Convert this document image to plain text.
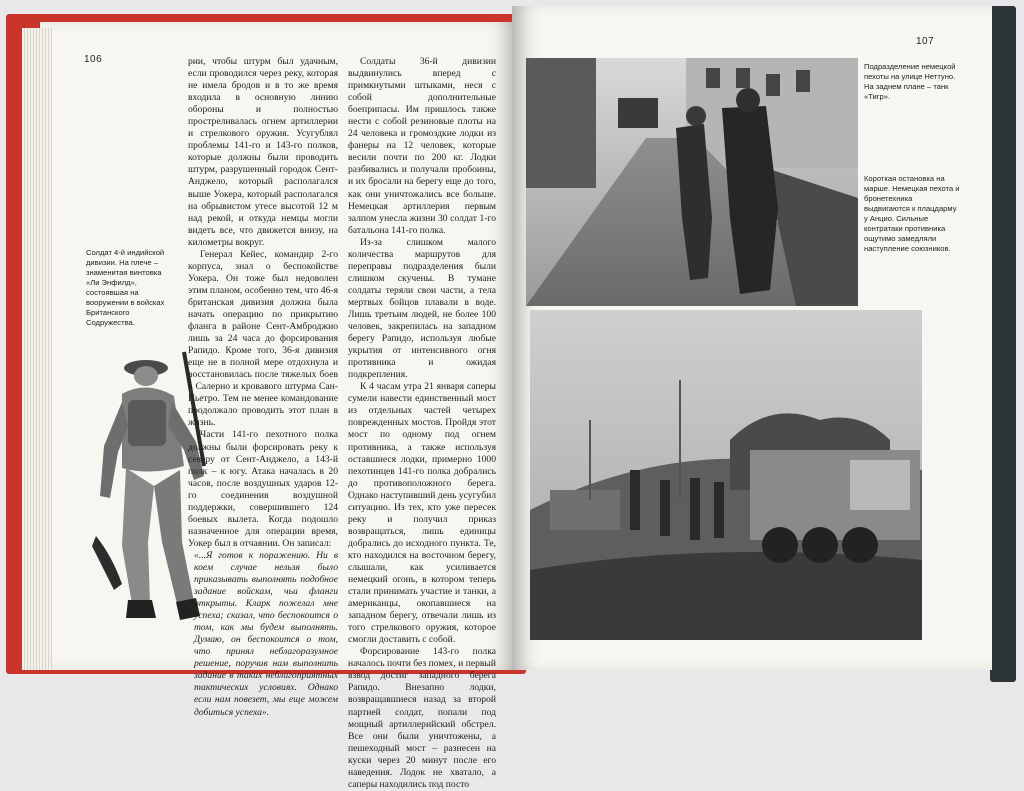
106
Солдат 4-й индийской дивизии. На плече – знаменитая винтовка «Ли Энфилд», состоявшая на вооружении в войсках Британского Содружества.

рии, чтобы штурм был удачным, если проводился через реку, которая не имела бродов и в то же время входила в основную линию обороны и полностью простреливалась огнем артиллерии и стрелкового оружия. Усугублял проблемы 141-го и 143-го полков, которые должны были проводить штурм, разрушенный городок Сент-Анджело, который располагался выше Уокера, который располагался на обрывистом утесе высотой 12 м над рекой, и откуда немцы могли видеть все, что движется внизу, на километры вокруг.

Генерал Кейес, командир 2-го корпуса, знал о беспокойстве Уокера. Он тоже был недоволен этим планом, особенно тем, что 46-я британская дивизия должна была начать операцию по прикрытию фланга в районе Сент-Амброджио лишь за 24 часа до форсирования Рапидо. Кроме того, 36-я дивизия еще не в полной мере отдохнула и восстановилась после тяжелых боев в Салерно и кровавого штурма Сан-Пьетро. Тем не менее командование продолжало проводить этот план в жизнь.

Части 141-го пехотного полка должны были форсировать реку к северу от Сент-Анджело, а 143-й полк – к югу. Атака началась в 20 часов, после воздушных ударов 12-го соединения воздушной поддержки, совершившего 124 боевых вылета. Когда подошло назначенное для операции время, Уокер был в отчаянии. Он записал:

«...Я готов к поражению. Ни в коем случае нельзя было приказывать выполнять подобное задание войскам, чьи фланги открыты. Кларк пожелал мне успеха; сказал, что беспокоится о том, как мы будем выполнять. Думаю, он беспокоится о том, что принял неблагоразумное решение, поручив нам выполнить задание в таких неблагоприятных тактических условиях. Однако если нам повезет, мы еще можем добиться успеха».

Солдаты 36-й дивизии выдвинулись вперед с примкнутыми штыками, неся с собой дополнительные боеприпасы. Им пришлось также нести с собой резиновые плоты на 24 человека и громоздкие лодки из фанеры на 12 человек, которые весили почти по 200 кг. Лодки разбивались и получали пробоины, и их бросали на берегу еще до того, как они уничтожались все больше. Немецкая артиллерия первым залпом унесла жизни 30 солдат 1-го батальона 141-го полка.

Из-за слишком малого количества маршрутов для переправы подразделения были слишком скучены. В тумане солдаты теряли свои части, а тела мертвых бойцов плавали в воде. Лишь третьим людей, не более 100 человек, закрепилась на западном берегу Рапидо, используя любые укрытия от интенсивного огня противника и ожидая подкрепления.

К 4 часам утра 21 января саперы сумели навести единственный мост из отдельных частей четырех поврежденных мостов. Пройдя этот мост по одному под огнем противника, а также используя оставшиеся лодки, примерно 1000 пехотинцев 141-го полка добрались до противоположного берега. Однако наступивший день усугубил ситуацию. Из тех, кто уже пересек реку и получил приказ возвращаться, лишь единицы добрались до исходного пункта. Те, кто находился на восточном берегу, слышали, как усиливается немецкий огонь, в котором теперь стали принимать участие и танки, а американцы, окопавшиеся на западном берегу, отвечали лишь из того стрелкового оружия, которое смогли доставить с собой.

Форсирование 143-го полка началось почти без помех, и первый взвод достиг западного берега Рапидо. Внезапно лодки, возвращавшиеся назад за второй партией солдат, попали под мощный артиллерийский обстрел. Все они были уничтожены, а пешеходный мост – разнесен на куски через 20 минут после его наведения. Лодок не хватало, а саперы находились под посто

107
Подразделение немецкой пехоты на улице Неттуно. На заднем плане – танк «Тигр».
Короткая остановка на марше. Немецкая пехота и бронетехника выдвигаются к плацдарму у Анцио. Сильные контратаки противника ощутимо замедляли наступление союзников.
